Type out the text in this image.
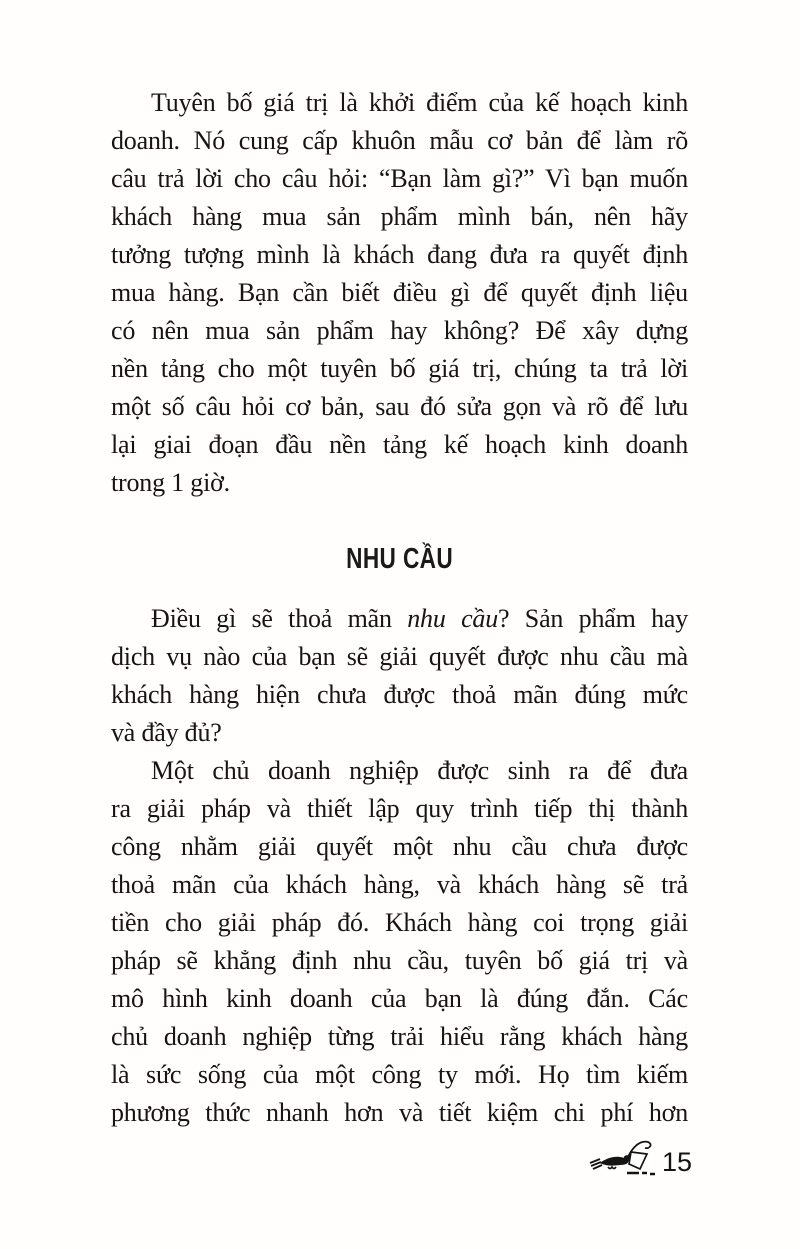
Tuyên bố giá trị là khởi điểm của kế hoạch kinh
doanh. Nó cung cấp khuôn mẫu cơ bản để làm rõ
câu trả lời cho câu hỏi: “Bạn làm gì?” Vì bạn muốn
khách hàng mua sản phẩm mình bán, nên hãy
tưởng tượng mình là khách đang đưa ra quyết định
mua hàng. Bạn cần biết điều gì để quyết định liệu
có nên mua sản phẩm hay không? Để xây dựng
nền tảng cho một tuyên bố giá trị, chúng ta trả lời
một số câu hỏi cơ bản, sau đó sửa gọn và rõ để lưu
lại giai đoạn đầu nền tảng kế hoạch kinh doanh
trong 1 giờ.

NHU CẦU

Điều gì sẽ thoả mãn nhu cầu? Sản phẩm hay
dịch vụ nào của bạn sẽ giải quyết được nhu cầu mà
khách hàng hiện chưa được thoả mãn đúng mức
và đầy đủ?

Một chủ doanh nghiệp được sinh ra để đưa
ra giải pháp và thiết lập quy trình tiếp thị thành
công nhằm giải quyết một nhu cầu chưa được
thoả mãn của khách hàng, và khách hàng sẽ trả
tiền cho giải pháp đó. Khách hàng coi trọng giải
pháp sẽ khẳng định nhu cầu, tuyên bố giá trị và
mô hình kinh doanh của bạn là đúng đắn. Các
chủ doanh nghiệp từng trải hiểu rằng khách hàng
là sức sống của một công ty mới. Họ tìm kiếm
phương thức nhanh hơn và tiết kiệm chi phí hơn

15
